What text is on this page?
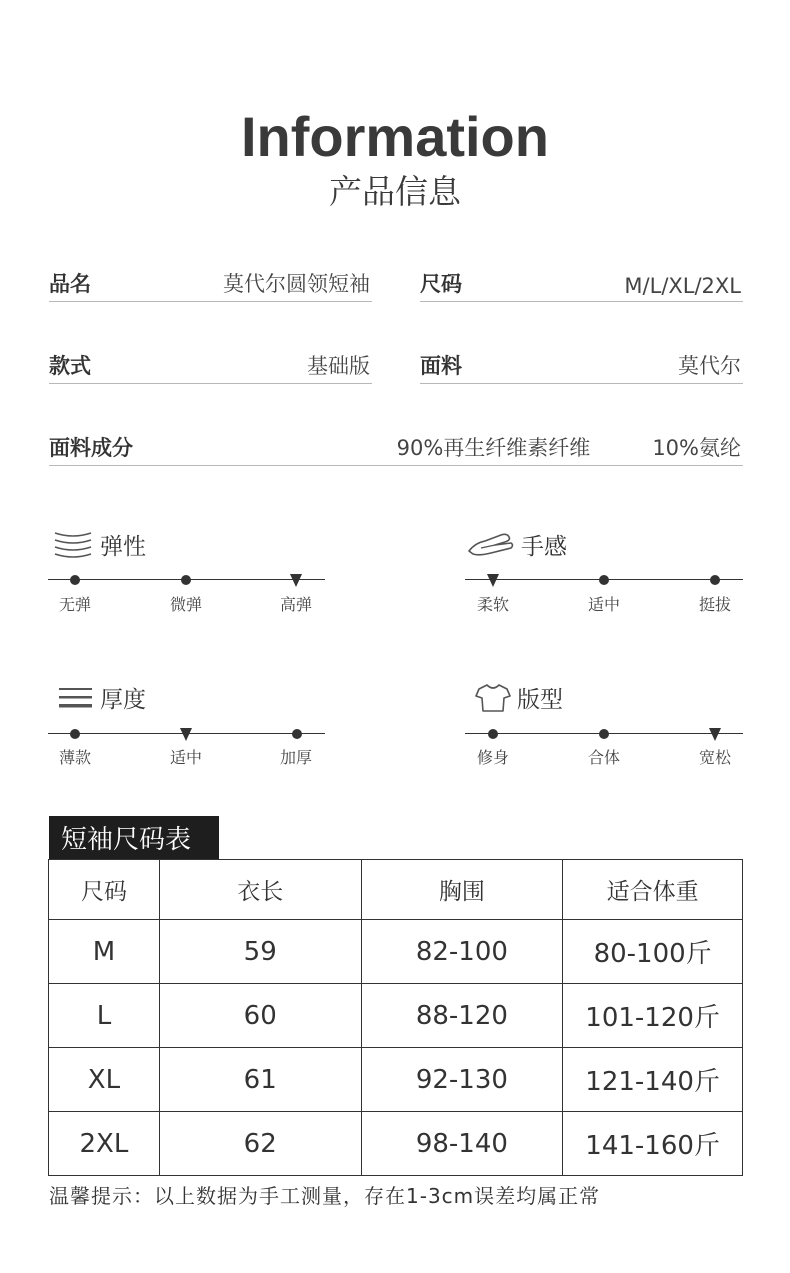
Information
产品信息
品名	莫代尔圆领短袖 尺码	M/L/XL/2XL
款式	基础版 面料	莫代尔
面料成分	90%再生纤维素纤维	10%氨纶
弹性
无弹	微弹	高弹
手感
柔软	适中	挺拔
厚度
薄款	适中	加厚
版型
修身	合体	宽松
短袖尺码表
尺码	衣长	胸围	适合体重
M	59	82-100	80-100斤
L	60	88-120	101-120斤
XL	61	92-130	121-140斤
2XL	62	98-140	141-160斤
温馨提示：以上数据为手工测量，存在1-3cm误差均属正常
